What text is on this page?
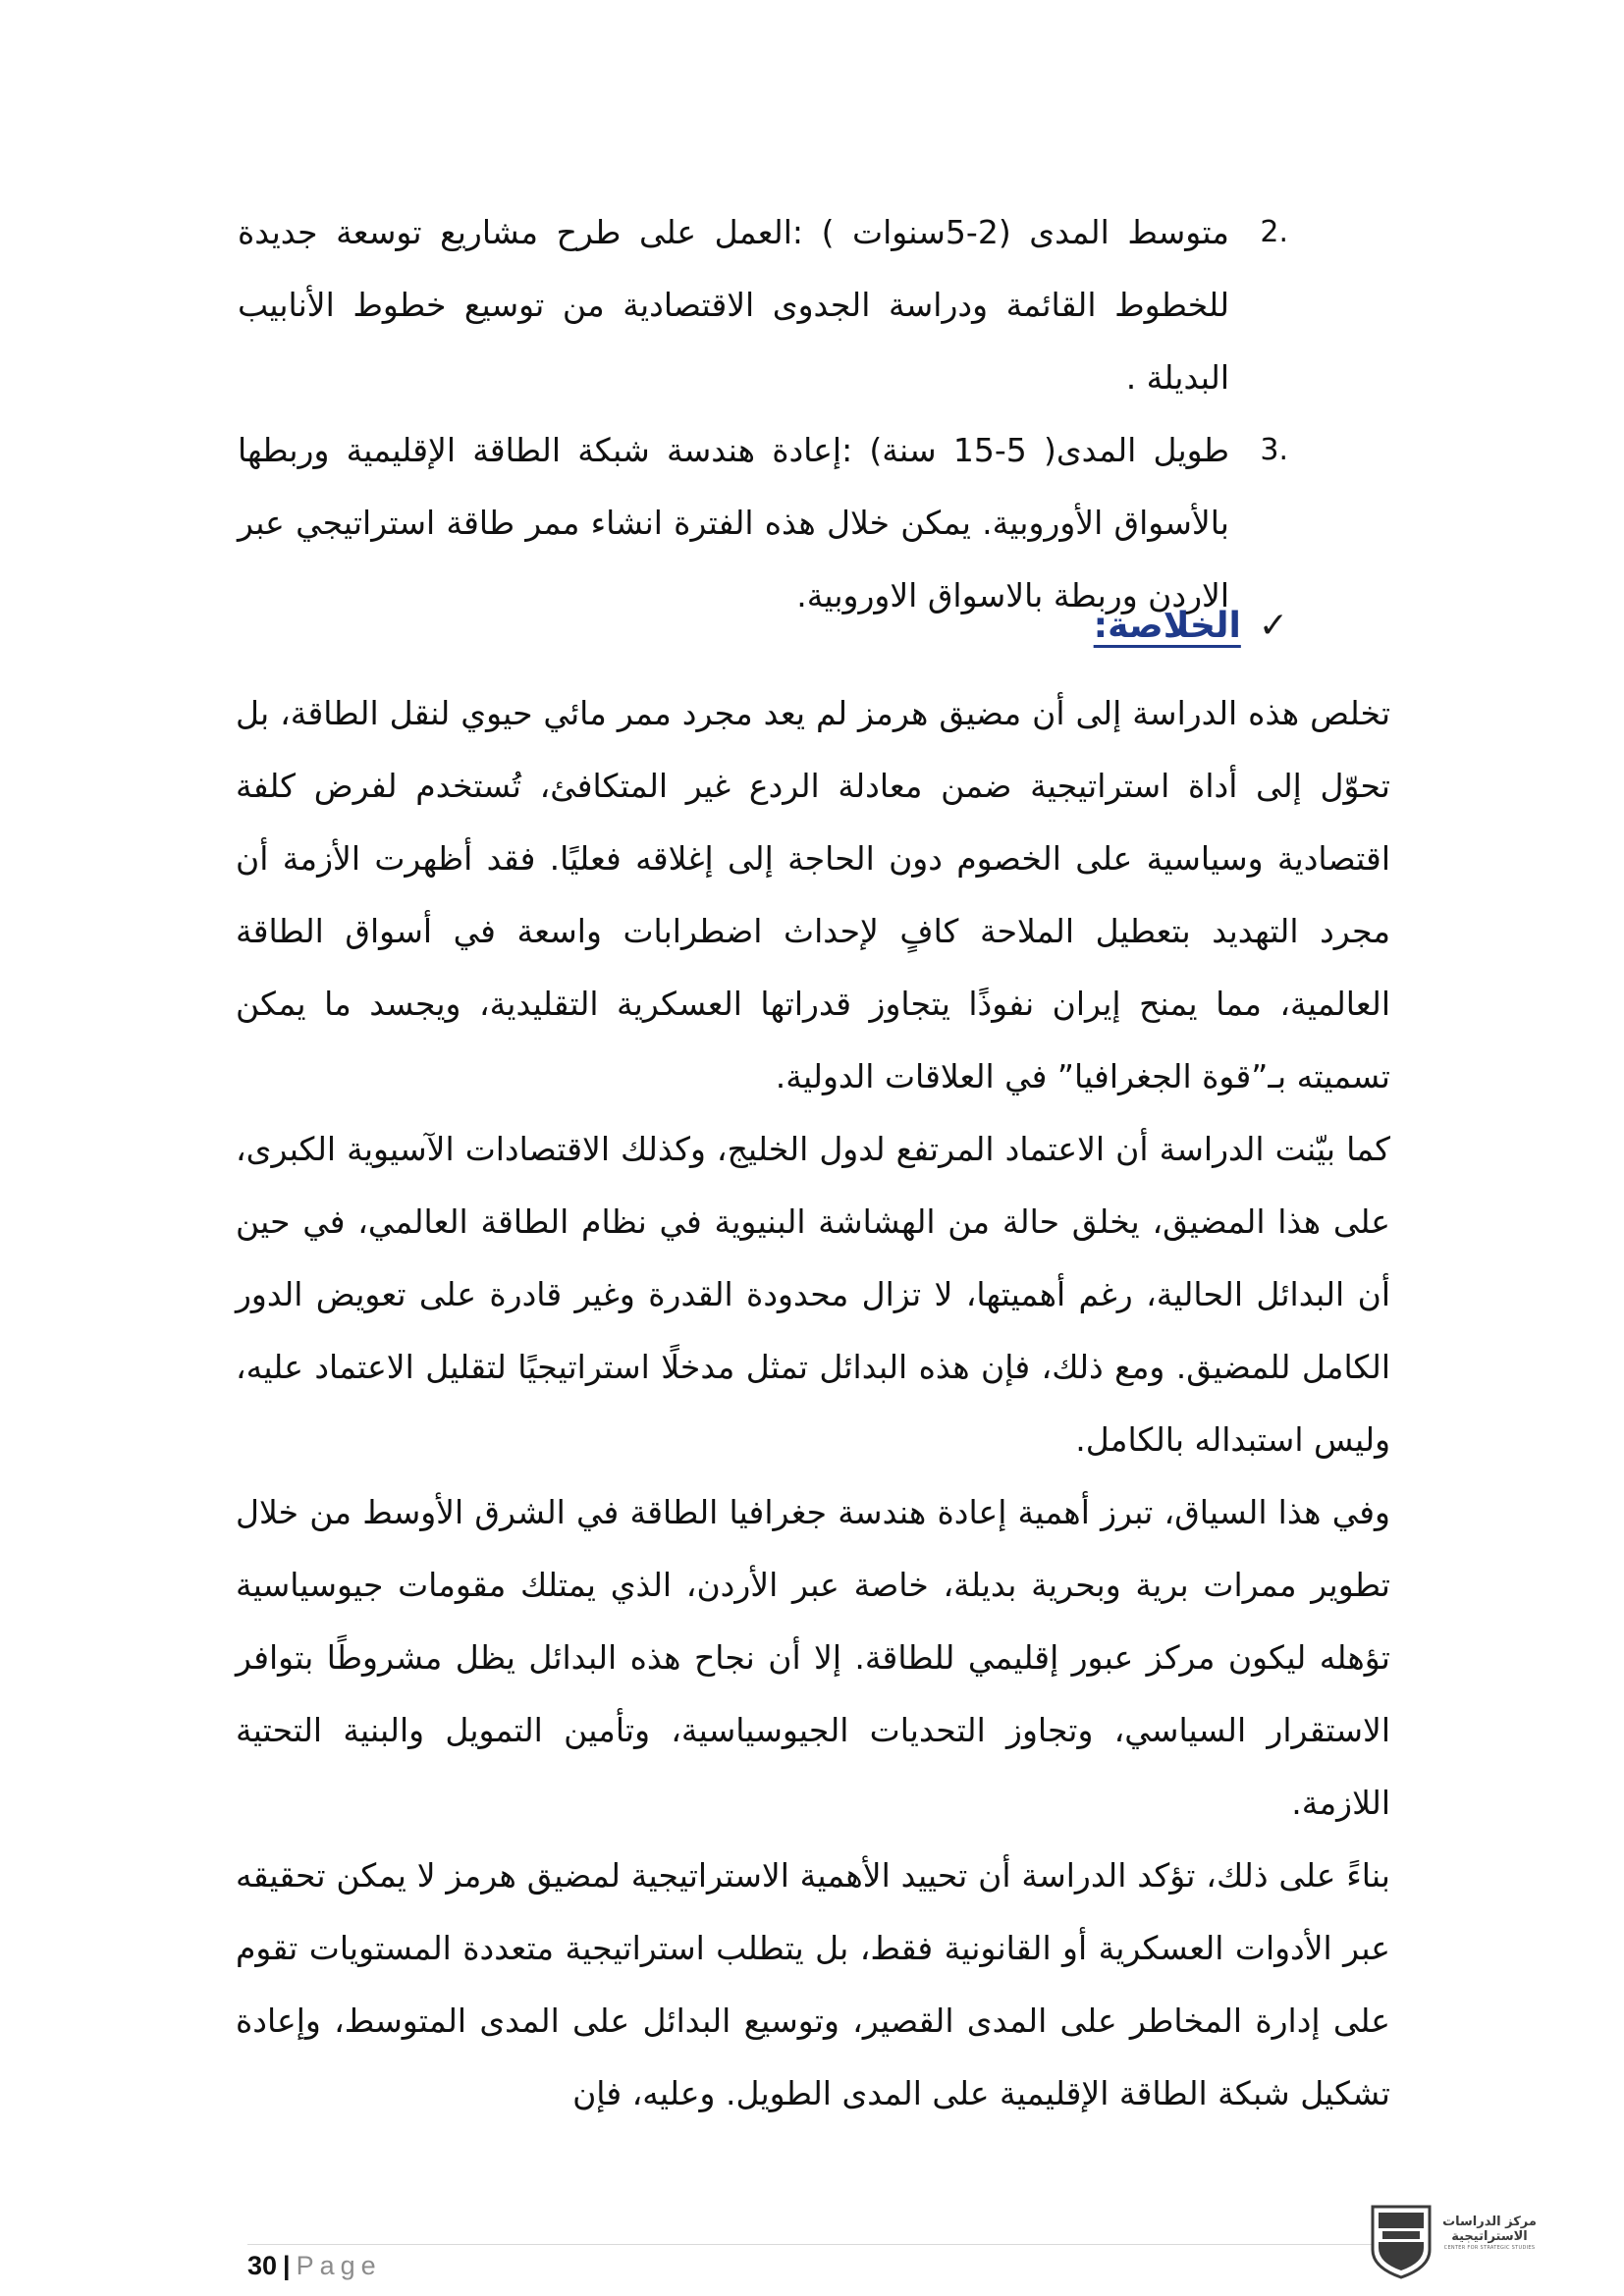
.2
متوسط المدى (2-5سنوات ) :العمل على طرح مشاريع توسعة جديدة للخطوط القائمة ودراسة الجدوى الاقتصادية من توسيع خطوط الأنابيب البديلة .
.3
طويل المدى( 5-15 سنة) :إعادة هندسة شبكة الطاقة الإقليمية وربطها بالأسواق الأوروبية. يمكن خلال هذه الفترة انشاء ممر طاقة استراتيجي عبر الاردن وربطة بالاسواق الاوروبية.
✓الخلاصة:

تخلص هذه الدراسة إلى أن مضيق هرمز لم يعد مجرد ممر مائي حيوي لنقل الطاقة، بل تحوّل إلى أداة استراتيجية ضمن معادلة الردع غير المتكافئ، تُستخدم لفرض كلفة اقتصادية وسياسية على الخصوم دون الحاجة إلى إغلاقه فعليًا. فقد أظهرت الأزمة أن مجرد التهديد بتعطيل الملاحة كافٍ لإحداث اضطرابات واسعة في أسواق الطاقة العالمية، مما يمنح إيران نفوذًا يتجاوز قدراتها العسكرية التقليدية، ويجسد ما يمكن تسميته بـ”قوة الجغرافيا” في العلاقات الدولية.

كما بيّنت الدراسة أن الاعتماد المرتفع لدول الخليج، وكذلك الاقتصادات الآسيوية الكبرى، على هذا المضيق، يخلق حالة من الهشاشة البنيوية في نظام الطاقة العالمي، في حين أن البدائل الحالية، رغم أهميتها، لا تزال محدودة القدرة وغير قادرة على تعويض الدور الكامل للمضيق. ومع ذلك، فإن هذه البدائل تمثل مدخلًا استراتيجيًا لتقليل الاعتماد عليه، وليس استبداله بالكامل.

وفي هذا السياق، تبرز أهمية إعادة هندسة جغرافيا الطاقة في الشرق الأوسط من خلال تطوير ممرات برية وبحرية بديلة، خاصة عبر الأردن، الذي يمتلك مقومات جيوسياسية تؤهله ليكون مركز عبور إقليمي للطاقة. إلا أن نجاح هذه البدائل يظل مشروطًا بتوافر الاستقرار السياسي، وتجاوز التحديات الجيوسياسية، وتأمين التمويل والبنية التحتية اللازمة.

بناءً على ذلك، تؤكد الدراسة أن تحييد الأهمية الاستراتيجية لمضيق هرمز لا يمكن تحقيقه عبر الأدوات العسكرية أو القانونية فقط، بل يتطلب استراتيجية متعددة المستويات تقوم على إدارة المخاطر على المدى القصير، وتوسيع البدائل على المدى المتوسط، وإعادة تشكيل شبكة الطاقة الإقليمية على المدى الطويل. وعليه، فإن

30 | Page
مركز الدراسات
الاستراتيجية
CENTER FOR STRATEGIC STUDIES
